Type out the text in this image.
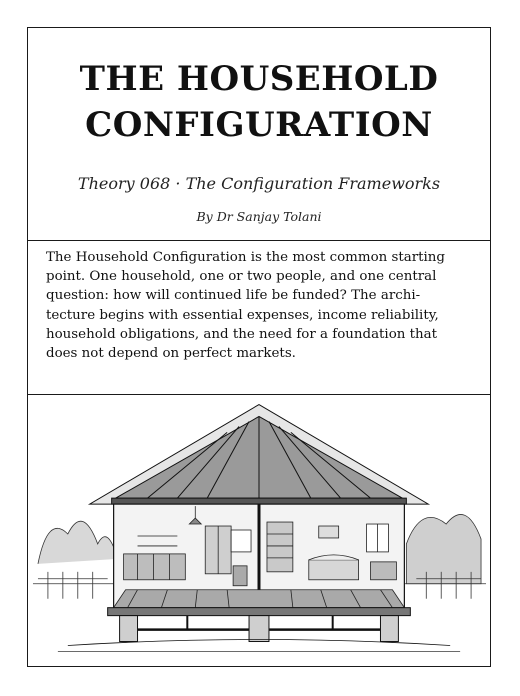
THE HOUSEHOLD
CONFIGURATION
Theory 068 · The Configuration Frameworks
By Dr Sanjay Tolani
The Household Configuration is the most common starting
point. One household, one or two people, and one central
question: how will continued life be funded? The archi-
tecture begins with essential expenses, income reliability,
household obligations, and the need for a foundation that
does not depend on perfect markets.
